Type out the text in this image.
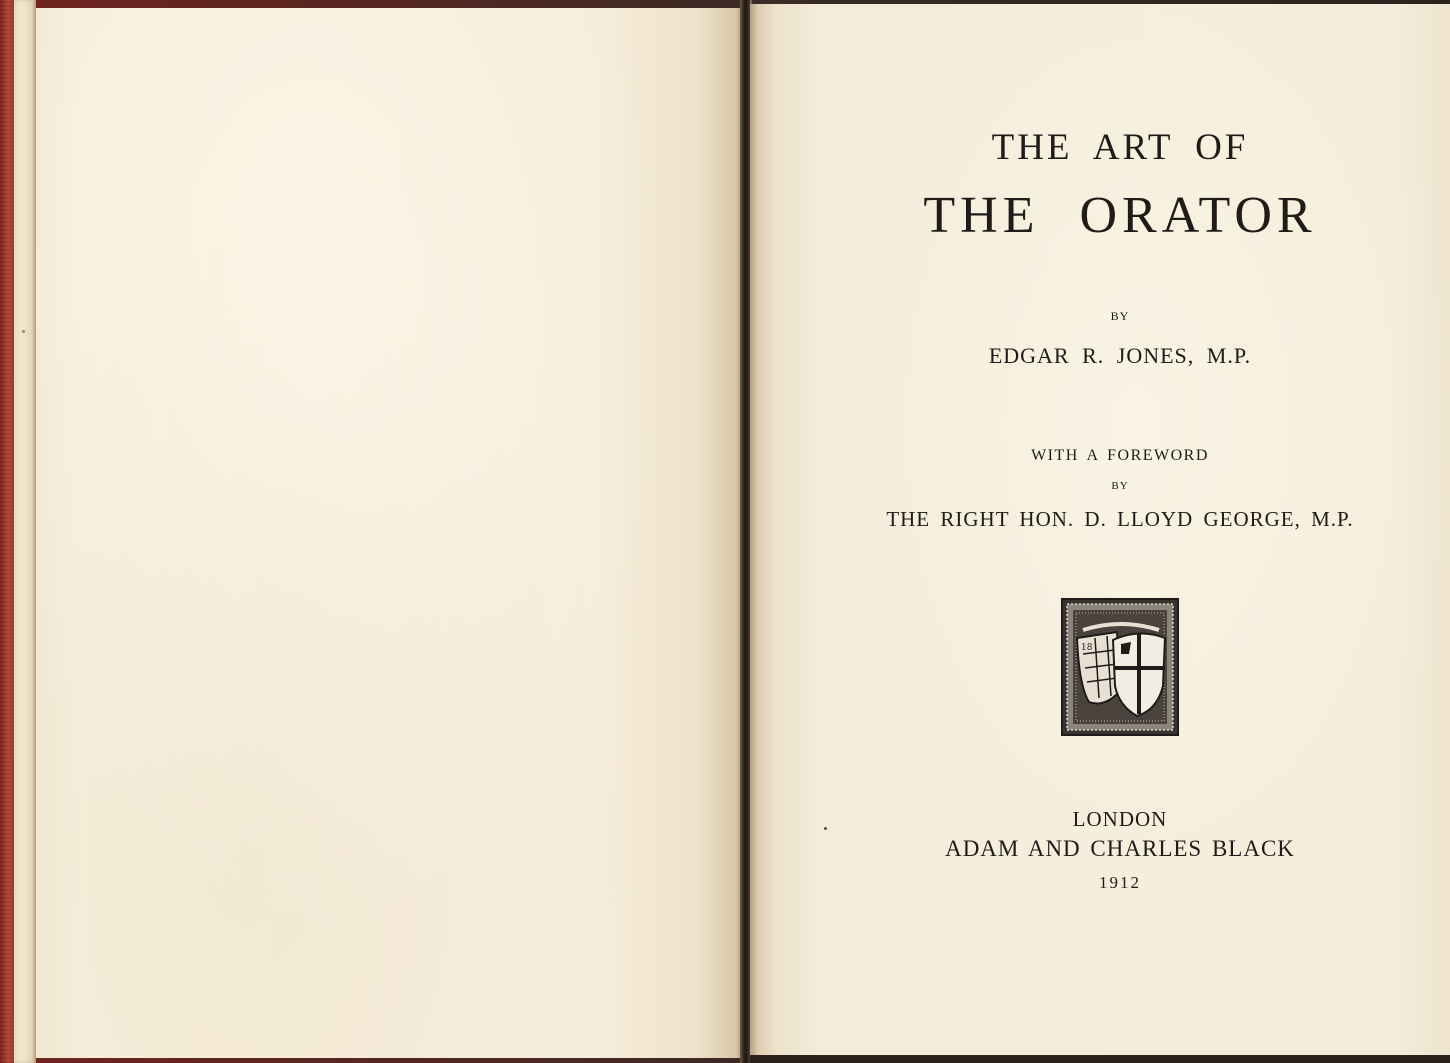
THE ART OF
THE ORATOR
BY
EDGAR R. JONES, M.P.
WITH A FOREWORD
BY
THE RIGHT HON. D. LLOYD GEORGE, M.P.
18
LONDON
ADAM AND CHARLES BLACK
1912
